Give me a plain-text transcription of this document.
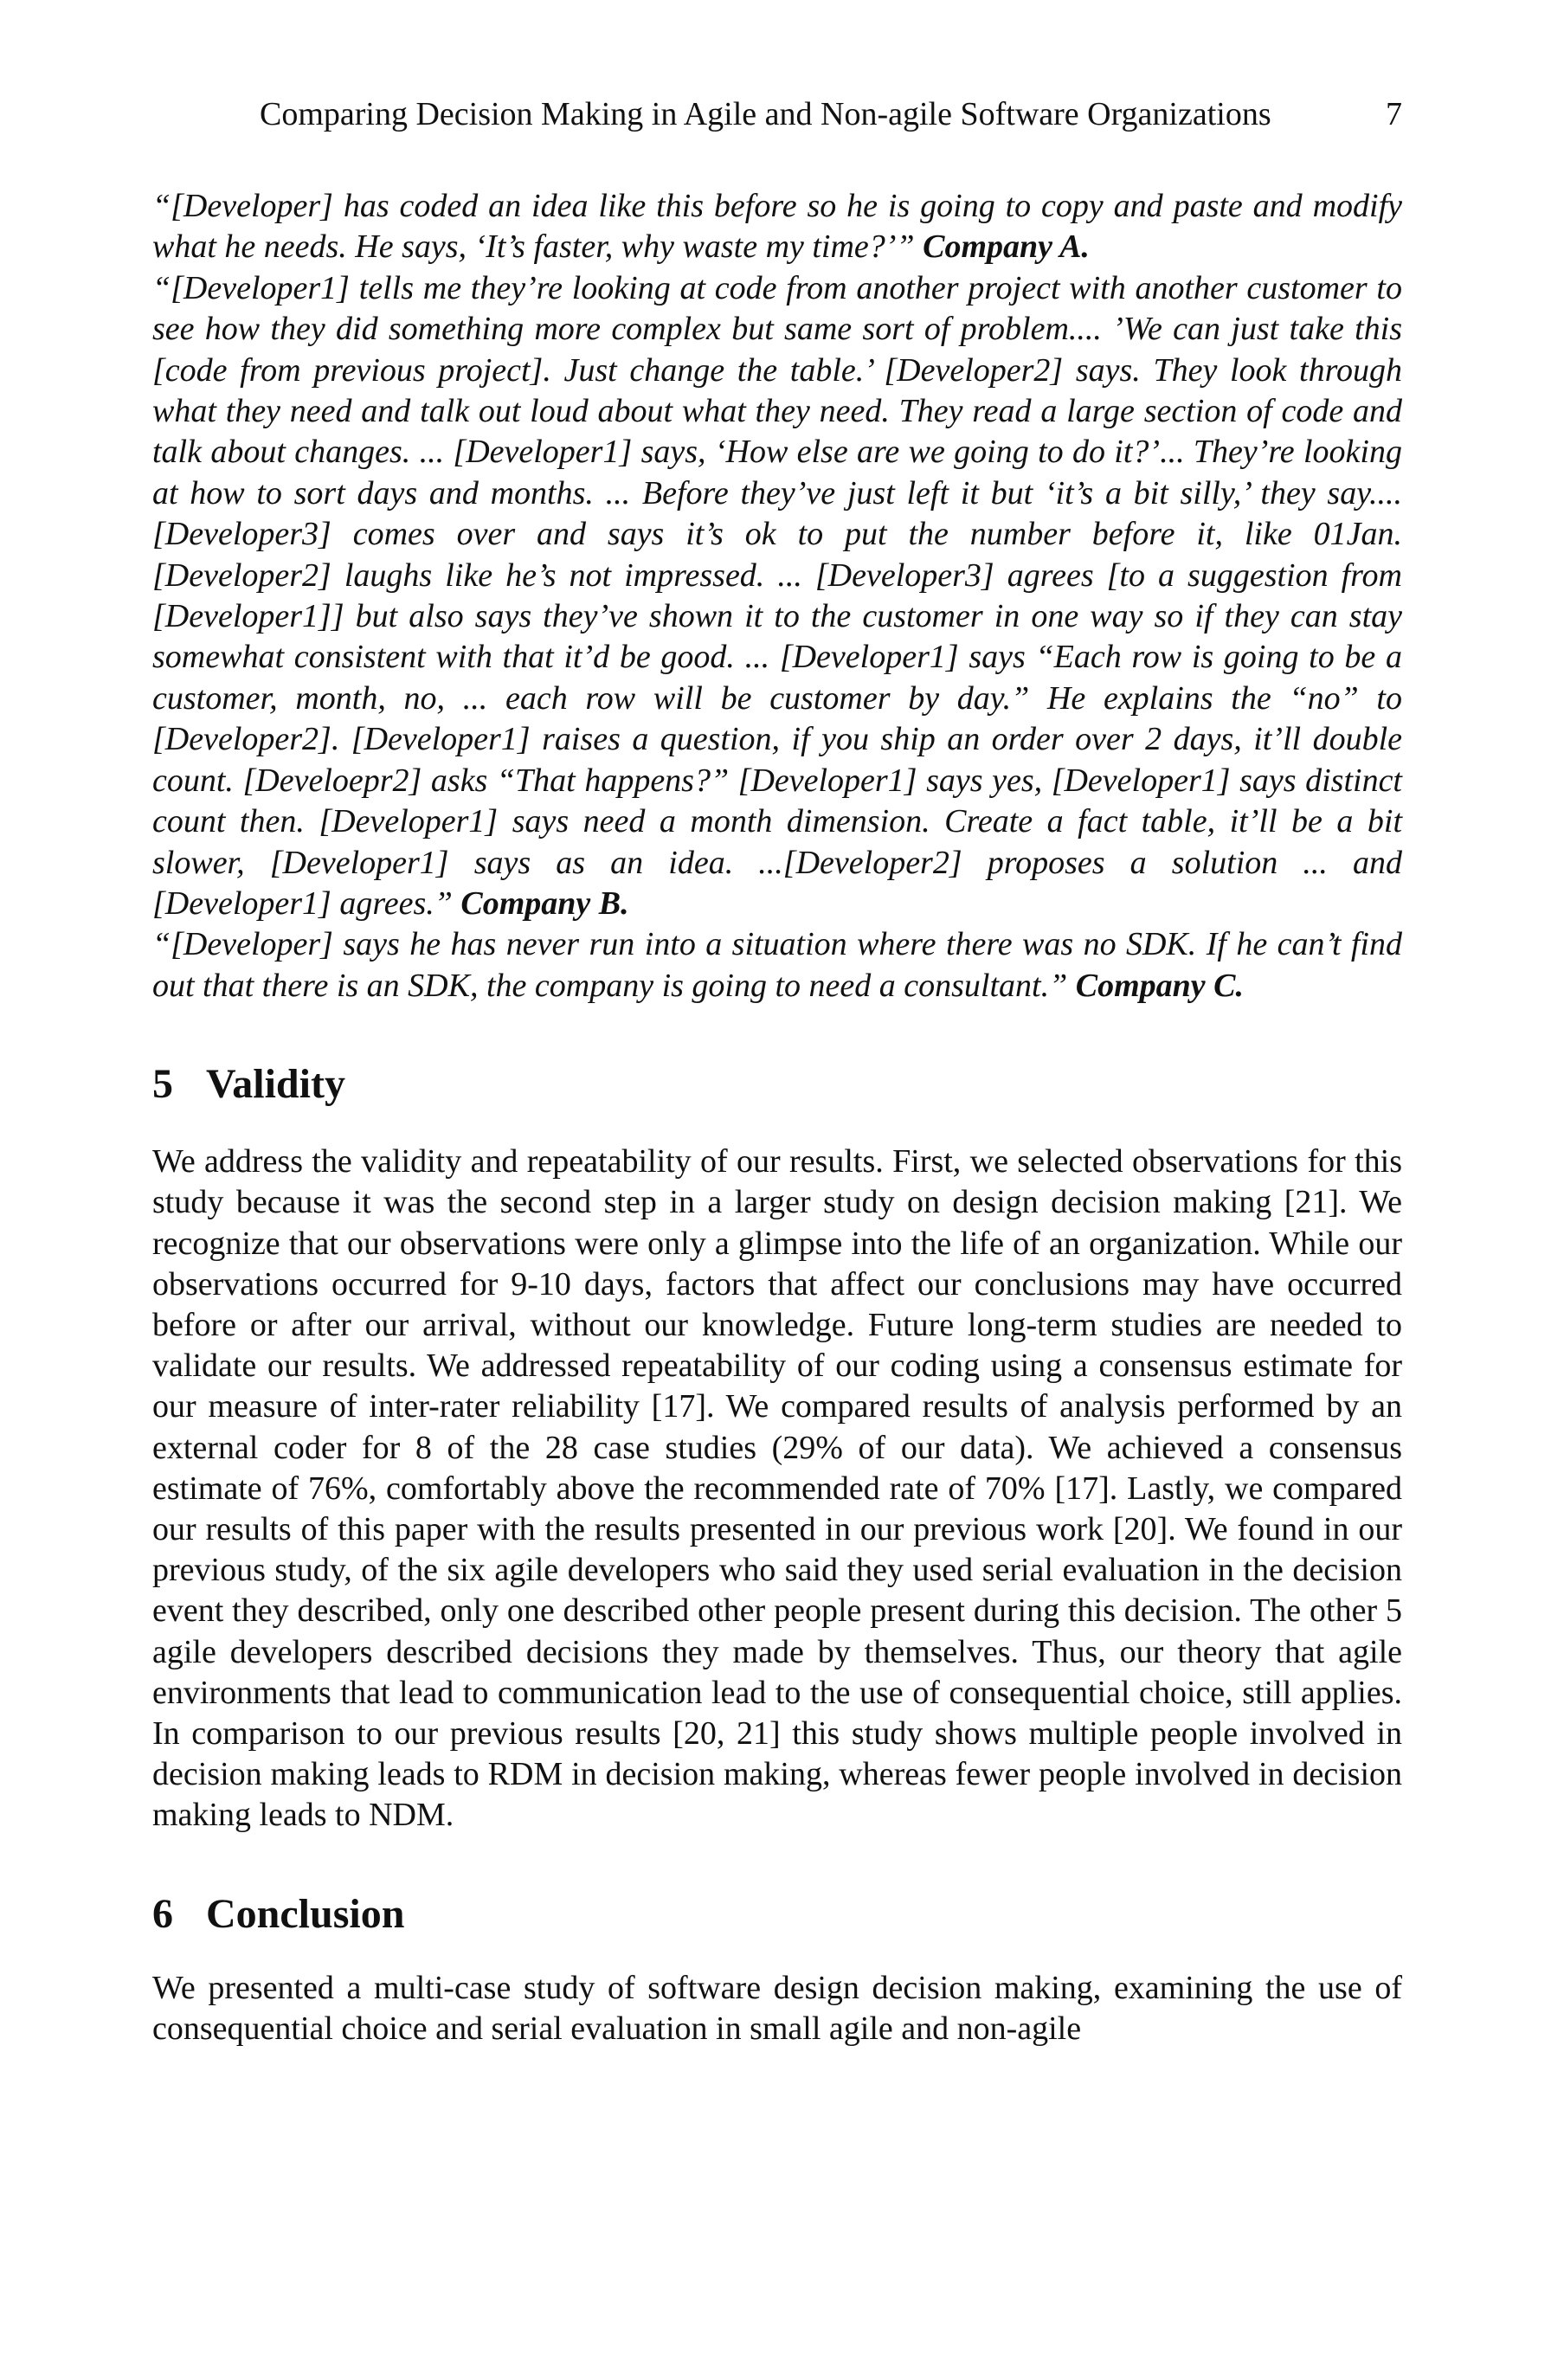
Comparing Decision Making in Agile and Non-agile Software Organizations	7

“[Developer] has coded an idea like this before so he is going to copy and paste and modify what he needs. He says, ‘It’s faster, why waste my time?’” Company A.

“[Developer1] tells me they’re looking at code from another project with another customer to see how they did something more complex but same sort of problem.... ’We can just take this [code from previous project]. Just change the table.’ [Developer2] says. They look through what they need and talk out loud about what they need. They read a large section of code and talk about changes. ... [Developer1] says, ‘How else are we going to do it?’... They’re looking at how to sort days and months. ... Before they’ve just left it but ‘it’s a bit silly,’ they say....[Developer3] comes over and says it’s ok to put the number before it, like 01Jan. [Developer2] laughs like he’s not impressed. ... [Developer3] agrees [to a suggestion from [Developer1]] but also says they’ve shown it to the customer in one way so if they can stay somewhat consistent with that it’d be good. ... [Developer1] says “Each row is going to be a customer, month, no, ... each row will be customer by day.” He explains the “no” to [Developer2]. [Developer1] raises a question, if you ship an order over 2 days, it’ll double count. [Develoepr2] asks “That happens?” [Developer1] says yes, [Developer1] says distinct count then. [Developer1] says need a month dimension. Create a fact table, it’ll be a bit slower, [Developer1] says as an idea. ...[Developer2] proposes a solution ... and [Developer1] agrees.” Company B.

“[Developer] says he has never run into a situation where there was no SDK. If he can’t find out that there is an SDK, the company is going to need a consultant.” Company C.

5 Validity

We address the validity and repeatability of our results. First, we selected observations for this study because it was the second step in a larger study on design decision making [21]. We recognize that our observations were only a glimpse into the life of an organization. While our observations occurred for 9-10 days, factors that affect our conclusions may have occurred before or after our arrival, without our knowledge. Future long-term studies are needed to validate our results. We addressed repeatability of our coding using a consensus estimate for our measure of inter-rater reliability [17]. We compared results of analysis performed by an external coder for 8 of the 28 case studies (29% of our data). We achieved a consensus estimate of 76%, comfortably above the recommended rate of 70% [17]. Lastly, we compared our results of this paper with the results presented in our previous work [20]. We found in our previous study, of the six agile developers who said they used serial evaluation in the decision event they described, only one described other people present during this decision. The other 5 agile developers described decisions they made by themselves. Thus, our theory that agile environments that lead to communication lead to the use of consequential choice, still applies. In comparison to our previous results [20, 21] this study shows multiple people involved in decision making leads to RDM in decision making, whereas fewer people involved in decision making leads to NDM.

6 Conclusion

We presented a multi-case study of software design decision making, examining the use of consequential choice and serial evaluation in small agile and non-agile
